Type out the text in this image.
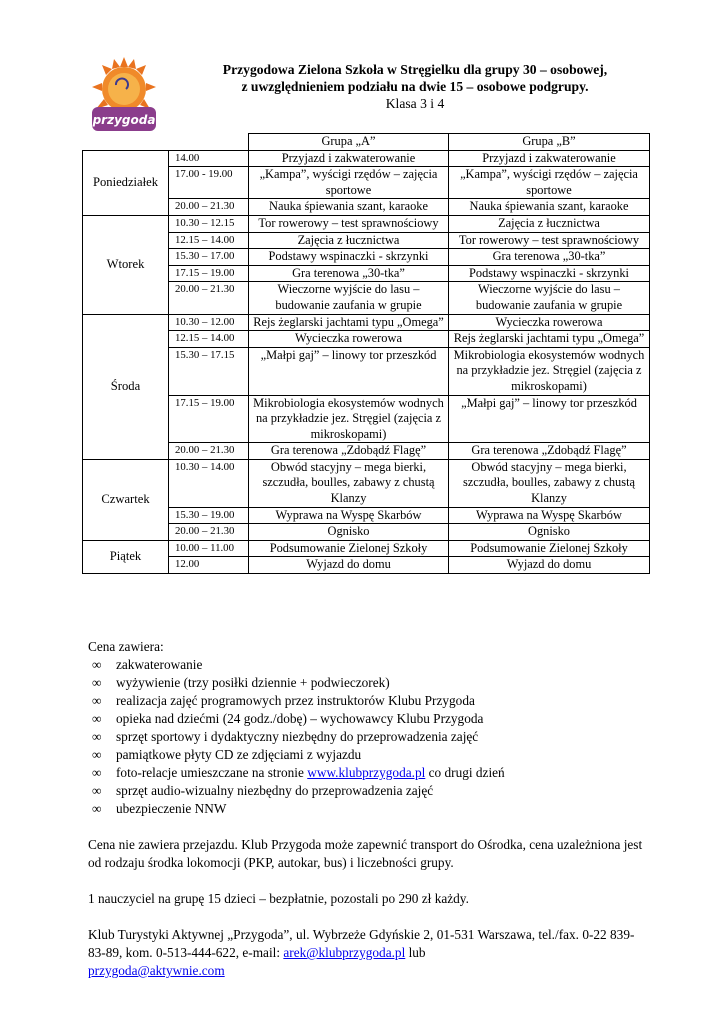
przygoda
Przygodowa Zielona Szkoła w Stręgielku dla grupy 30 – osobowej,
z uwzględnieniem podziału na dwie 15 – osobowe podgrupy.
Klasa 3 i 4
		Grupa „A”	Grupa „B”
Poniedziałek	14.00	Przyjazd i zakwaterowanie	Przyjazd i zakwaterowanie
	17.00 - 19.00	„Kampa”, wyścigi rzędów – zajęcia sportowe	„Kampa”, wyścigi rzędów – zajęcia sportowe
	20.00 – 21.30	Nauka śpiewania szant, karaoke	Nauka śpiewania szant, karaoke
Wtorek	10.30 – 12.15	Tor rowerowy – test sprawnościowy	Zajęcia z łucznictwa
	12.15 – 14.00	Zajęcia z łucznictwa	Tor rowerowy – test sprawnościowy
	15.30 – 17.00	Podstawy wspinaczki - skrzynki	Gra terenowa „30-tka”
	17.15 – 19.00	Gra terenowa „30-tka”	Podstawy wspinaczki - skrzynki
	20.00 – 21.30	Wieczorne wyjście do lasu – budowanie zaufania w grupie	Wieczorne wyjście do lasu – budowanie zaufania w grupie
Środa	10.30 – 12.00	Rejs żeglarski jachtami typu „Omega”	Wycieczka rowerowa
	12.15 – 14.00	Wycieczka rowerowa	Rejs żeglarski jachtami typu „Omega”
	15.30 – 17.15	„Małpi gaj” – linowy tor przeszkód	Mikrobiologia ekosystemów wodnych na przykładzie jez. Stręgiel (zajęcia z mikroskopami)
	17.15 – 19.00	Mikrobiologia ekosystemów wodnych na przykładzie jez. Stręgiel (zajęcia z mikroskopami)	„Małpi gaj” – linowy tor przeszkód
	20.00 – 21.30	Gra terenowa „Zdobądź Flagę”	Gra terenowa „Zdobądź Flagę”
Czwartek	10.30 – 14.00	Obwód stacyjny – mega bierki, szczudła, boulles, zabawy z chustą Klanzy	Obwód stacyjny – mega bierki, szczudła, boulles, zabawy z chustą Klanzy
	15.30 – 19.00	Wyprawa na Wyspę Skarbów	Wyprawa na Wyspę Skarbów
	20.00 – 21.30	Ognisko	Ognisko
Piątek	10.00 – 11.00	Podsumowanie Zielonej Szkoły	Podsumowanie Zielonej Szkoły
	12.00	Wyjazd do domu	Wyjazd do domu
Cena zawiera:
∞ zakwaterowanie
∞ wyżywienie (trzy posiłki dziennie + podwieczorek)
∞ realizacja zajęć programowych przez instruktorów Klubu Przygoda
∞ opieka nad dziećmi (24 godz./dobę) – wychowawcy Klubu Przygoda
∞ sprzęt sportowy i dydaktyczny niezbędny do przeprowadzenia zajęć
∞ pamiątkowe płyty CD ze zdjęciami z wyjazdu
∞ foto-relacje umieszczane na stronie www.klubprzygoda.pl co drugi dzień
∞ sprzęt audio-wizualny niezbędny do przeprowadzenia zajęć
∞ ubezpieczenie NNW
Cena nie zawiera przejazdu. Klub Przygoda może zapewnić transport do Ośrodka, cena uzależniona jest od rodzaju środka lokomocji (PKP, autokar, bus) i liczebności grupy.
1 nauczyciel na grupę 15 dzieci – bezpłatnie, pozostali po 290 zł każdy.
Klub Turystyki Aktywnej „Przygoda”, ul. Wybrzeże Gdyńskie 2, 01-531 Warszawa, tel./fax. 0-22 839-83-89, kom. 0-513-444-622, e-mail: arek@klubprzygoda.pl lub
przygoda@aktywnie.com
